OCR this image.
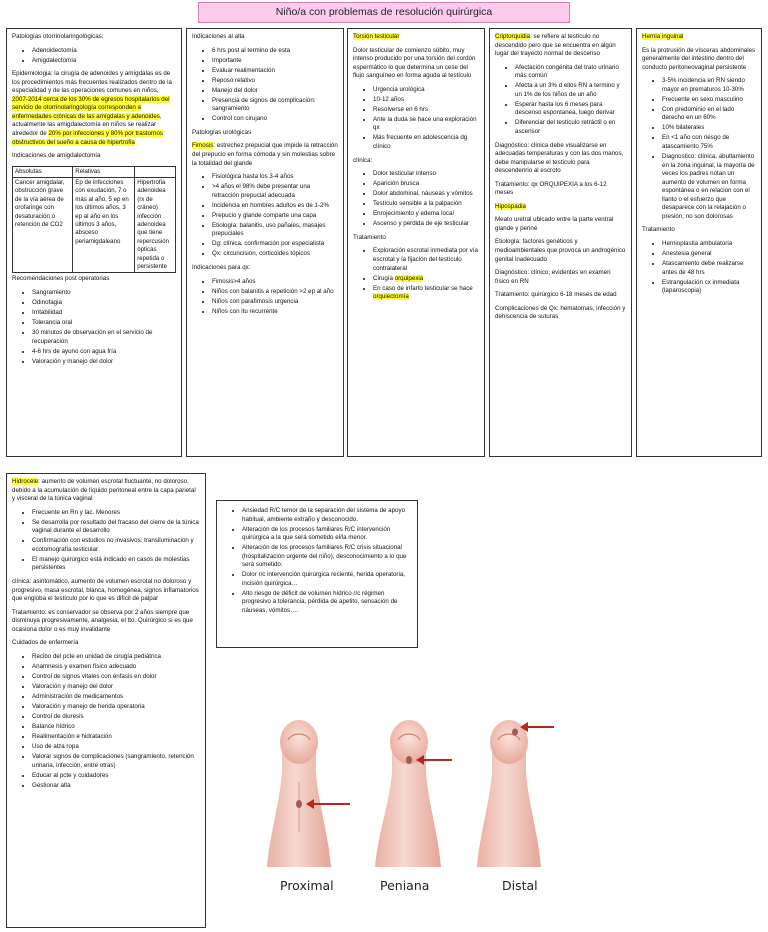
Niño/a con problemas de resolución quirúrgica

Patologías otorrinolaringológicas:

• Adenoidectomía
• Amigdalectomía

Epidemiologia: la cirugía de adenoides y amígdalas es de los procedimientos más frecuentes realizados dentro de la especialidad y de las operaciones comunes en niños, 2007-2014 cerca de los 30% de egresos hospitalarios del servicio de otorrinolaringología corresponden a enfermedades crónicas de las amígdalas y adenoides, actualmente las amigdalectomía en niños se realizar alrededor de 20% por infecciones y 80% por trastornos obstructivos del sueño a causa de hipertrofia

Indicaciones de amigdalectomía

Absolutas	Relativas	
Cancer amigdalar, obstrucción grave de la vía aérea de orofaringe con desaturación o retención de CO2	Ep de infecciones con exudación, 7 o más al año, 5 ep en los últimos años, 3 ep al año en los últimos 3 años, absceso periamigdaleano	Hipertrofia adenoidea (rx de cráneo) infección adenoidea que tiene repercusión ópticas repetida o persistente

Recomendaciones post operatorias

• Sangramiento
• Odinofagia
• Irritabilidad
• Tolerancia oral
• 30 minutos de observación en el servicio de recuperación
• 4-6 hrs de ayuno con agua fría
• Valoración y manejo del dolor

Indicaciones al alta

• 6 hrs post al termino de esta
• Importante
• Evaluar realimentación
• Reposo relativo
• Manejo del dolor
• Presencia de signos de complicación: sangramiento
• Control con cirujano

Patologías urológicas

Fimosis: estrechez prepucial que impide la retracción del prepucio en forma cómoda y sin molestias sobre la totalidad del glande

• Fisiológica hasta los 3-4 años
• >4 años el 98% debe presentar una retracción prepucial adecuada
• Incidencia en hombres adultos es de 1-2%
• Prepucio y glande comparte una capa
• Etiología: balanitis, uso pañales, masajes prepuciales
• Dg: clínica, confirmación por especialista
• Qx: circuncisión, corticoides tópicos

Indicaciones para qx:

• Fimosis>4 años
• Niños con balanitis a repetición >2 ep al año
• Niños con parafimosis urgencia
• Niños con itu recurrente

Torsión testicular

Dolor testicular de comienzo súbito, muy intenso producido por una torsión del cordón espermático lo que determina un cese del flujo sanguíneo en forma aguda al testículo

• Urgencia urológica
• 10-12 años
• Resolverse en 6 hrs
• Ante la duda se hace una exploración qx
• Más frecuente en adolescencia dg clínico

clínica:

• Dolor testicular intenso
• Aparición brusca
• Dolor abdominal, náuseas y vómitos
• Testículo sensible a la palpación
• Enrojecimiento y edema local
• Ascenso y perdida de eje testicular

Tratamiento

• Exploración escrotal inmediata por vía escrotal y la fijación del testículo contralateral
• Cirugía orquipexia
• En caso de infarto testicular se hace orquiectomía

Criptorquidia: se refiere al testículo no descendido pero que se encuentra en algún lugar del trayecto normal de descenso

• Afectación congénita del trato urinario más común
• Afecta a un 3% d ellos RN a termino y un 1% de los niños de un año
• Esperar hasta los 6 meses para descenso espontanea, luego derivar
• Diferenciar del testículo retráctil o en ascensor

Diagnóstico: clínica debe visualizarse en adecuadas temperaturas y con las dos manos, debe manipularse el testículo para descendenrio al escroto

Tratamiento: qx ORQUIPEXIA a los 6-12 meses

Hipospadia

Meato uretral ubicado entre la parte ventral glande y periné

Etiología: factores genéticos y medioambientales que provoca un androgénico genital inadecuado

Diagnóstico: clínico, evidentes en examen físico en RN

Tratamiento: quirúrgico 6-18 meses de edad

Complicaciones de Qx: hematomas, infección y dehiscencia de suturas

Hernia inguinal

Es la protrusión de vísceras abdominales generalmente del intestino dentro del conducto peritoneovaginal persistente

• 3-5% incidencia en RN siendo mayor en prematuros 10-30%
• Frecuente en sexo masculino
• Con predominio en el lado derecho en un 60%
• 10% bilaterales
• En <1 año con riesgo de atascamiento 75%
• Diagnostico: clínica, abultamiento en la zona inguinal, la mayoría de veces los padres notan un aumento de volumen en forma espontánea o en relación con el llanto o el esfuerzo que desaparece con la relajación o presión, no son dolorosas

Tratamiento

• Hernioplastia ambulatoria
• Anestesia general
• Atascamiento debe realizarse antes de 48 hrs
• Estrangulación cx inmediata (laparoscopia)

Hidrocele: aumento de volumen escrotal fluctuante, no doloroso, debido a la acumulación de líquido peritoneal entre la capa parietal y visceral de la túnica vaginal

• Frecuente en Rn y lac. Menores
• Se desarrolla por resultado del fracaso del cierre de la túnica vaginal durante el desarrollo
• Confirmación con estudios no invasivos: transiluminación y ecotomografía testicular
• El manejo quirúrgico está indicado en casos de molestias persistentes

clínica: asintomático, aumento de volumen escrotal no doloroso y progresivo, masa escrotal, blanca, homogénea, signos inflamatorios que engloba el testículo por lo que es difícil de palpar

Tratamiento: es conservador se observa por 2 años siempre que disminuya progresivamente, analgesia, el tto. Quirúrgico si es que ocasiona dolor o es muy invalidante

Cuidados de enfermería

• Recibo del pcte en unidad de cirugía pediátrica
• Anamnesis y examen físico adecuado
• Control de signos vitales con énfasis en dolor
• Valoración y manejo del dolor
• Administración de medicamentos
• Valoración y manejo de herida operatoria
• Control de diuresis
• Balance hídrico
• Realimentación e hidratación
• Uso de alza ropa
• Valorar signos de complicaciones (sangramiento, retención urinaria, infección, entre otras)
• Educar al pcte y cuidadores
• Gestionar alta
• Ansiedad R/C temor de la separación del sistema de apoyo habitual, ambiente extraño y desconocido.
• Alteración de los procesos familiares R/C intervención quirúrgica a la que será sometido el/la menor.
• Alteración de los procesos familiares R/C crisis situacional (hospitalización urgente del niño), desconocimiento a lo que será sometido.
• Dolor r/c intervención quirúrgica reciente, herida operatoria, incisión quirúrgica…
• Alto riesgo de déficit de volumen hídrico r/c régimen progresivo a tolerancia, pérdida de apetito, sensación de náuseas, vómitos….
Proximal	Peniana	Distal
